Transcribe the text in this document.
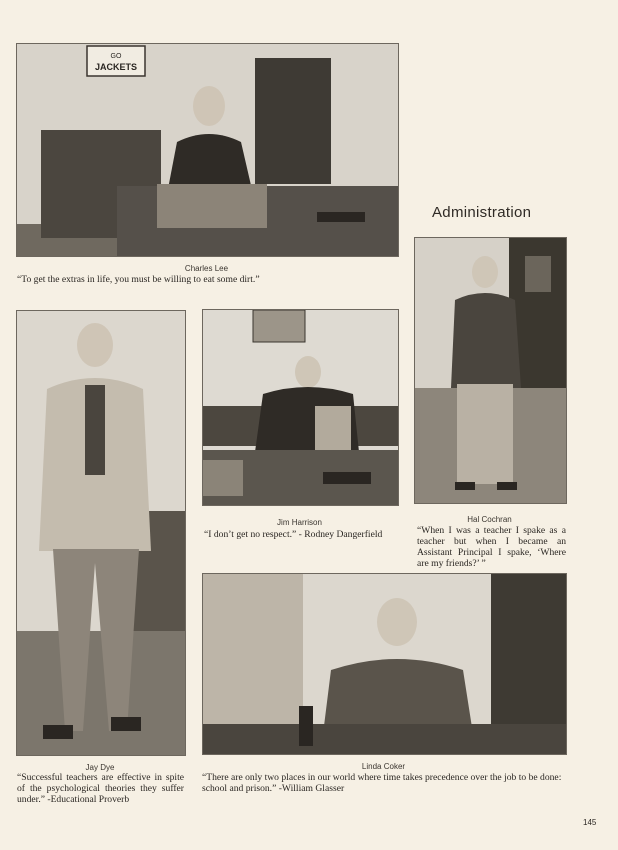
Administration
GO
JACKETS
Charles Lee
“To get the extras in life, you must be willing to eat some dirt.”
Hal Cochran
“When I was a teacher I spake as a teacher but when I became an Assistant Principal I spake, ‘Where are my friends?’ ”
Jay Dye
“Successful teachers are effective in spite of the psychological theories they suffer under.” -Educational Proverb
Jim Harrison
“I don’t get no respect.” - Rodney Dangerfield
Linda Coker
“There are only two places in our world where time takes precedence over the job to be done: school and prison.” -William Glasser
145
